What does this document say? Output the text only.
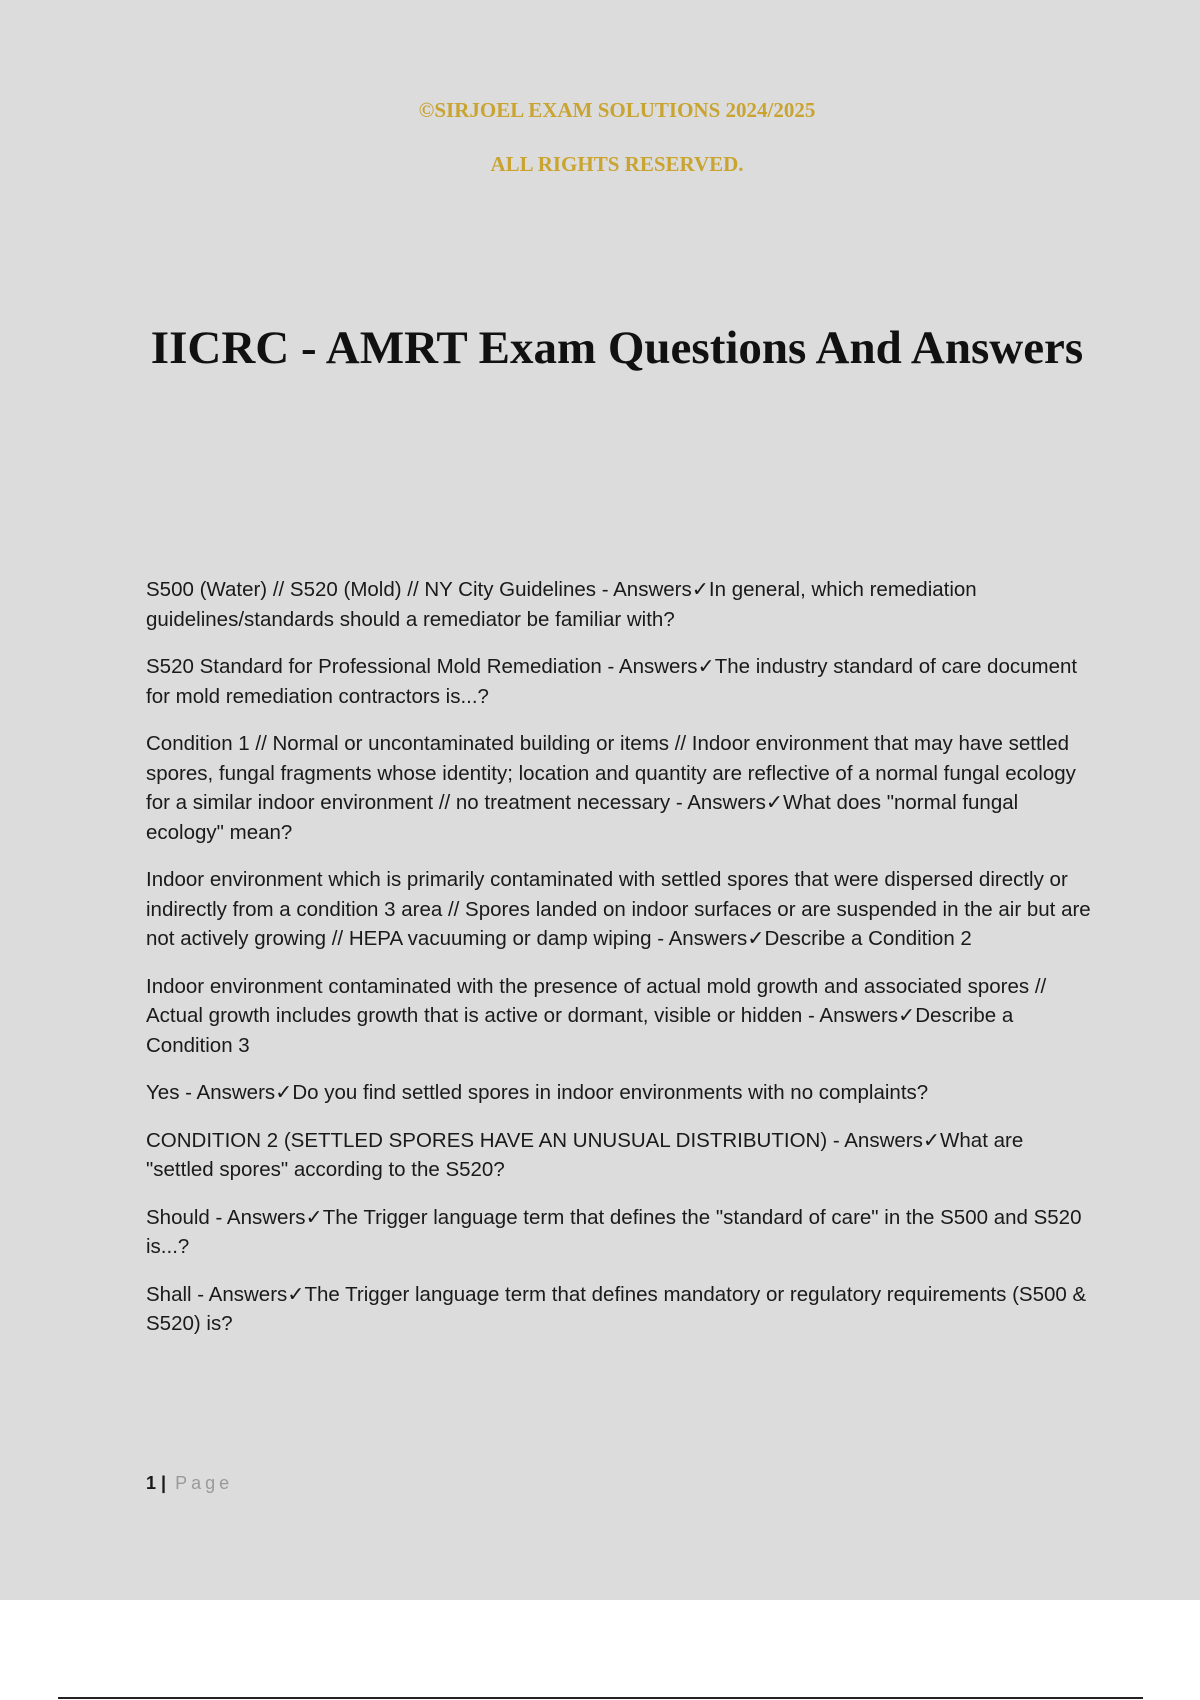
©SIRJOEL EXAM SOLUTIONS 2024/2025

ALL RIGHTS RESERVED.

IICRC - AMRT Exam Questions And Answers
S500 (Water) // S520 (Mold) // NY City Guidelines - Answers✓In general, which remediation guidelines/standards should a remediator be familiar with?
S520 Standard for Professional Mold Remediation - Answers✓The industry standard of care document for mold remediation contractors is...?
Condition 1 // Normal or uncontaminated building or items // Indoor environment that may have settled spores, fungal fragments whose identity; location and quantity are reflective of a normal fungal ecology for a similar indoor environment // no treatment necessary - Answers✓What does "normal fungal ecology" mean?
Indoor environment which is primarily contaminated with settled spores that were dispersed directly or indirectly from a condition 3 area // Spores landed on indoor surfaces or are suspended in the air but are not actively growing // HEPA vacuuming or damp wiping - Answers✓Describe a Condition 2
Indoor environment contaminated with the presence of actual mold growth and associated spores // Actual growth includes growth that is active or dormant, visible or hidden - Answers✓Describe a Condition 3
Yes - Answers✓Do you find settled spores in indoor environments with no complaints?
CONDITION 2 (SETTLED SPORES HAVE AN UNUSUAL DISTRIBUTION) - Answers✓What are "settled spores" according to the S520?
Should - Answers✓The Trigger language term that defines the "standard of care" in the S500 and S520 is...?
Shall - Answers✓The Trigger language term that defines mandatory or regulatory requirements (S500 & S520) is?
1 | Page
